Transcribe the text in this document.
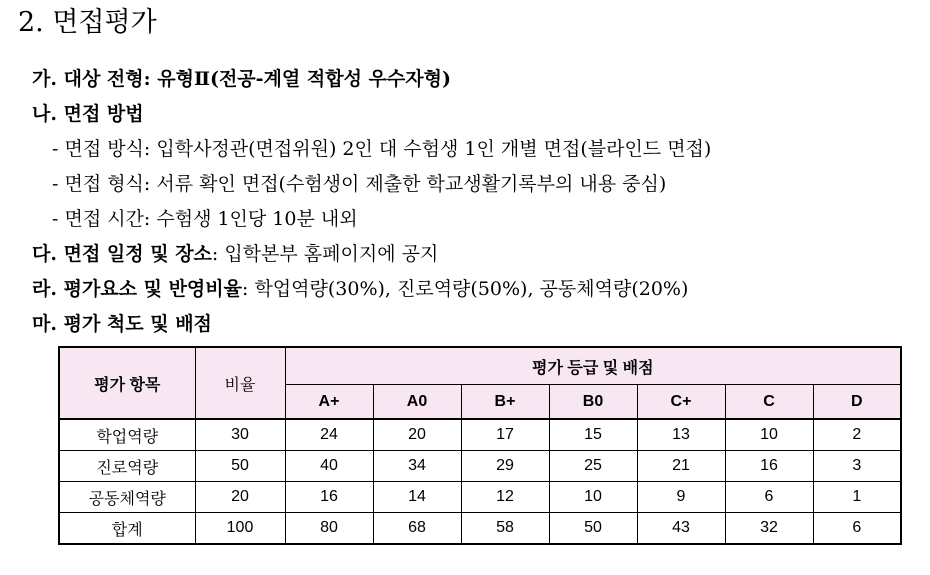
2. 면접평가
가. 대상 전형: 유형Ⅱ(전공-계열 적합성 우수자형)
나. 면접 방법
- 면접 방식: 입학사정관(면접위원) 2인 대 수험생 1인 개별 면접(블라인드 면접)
- 면접 형식: 서류 확인 면접(수험생이 제출한 학교생활기록부의 내용 중심)
- 면접 시간: 수험생 1인당 10분 내외
다. 면접 일정 및 장소: 입학본부 홈페이지에 공지
라. 평가요소 및 반영비율: 학업역량(30%), 진로역량(50%), 공동체역량(20%)
마. 평가 척도 및 배점
평가 항목	비율	평가 등급 및 배점						
		A+	A0	B+	B0	C+	C	D
학업역량	30	24	20	17	15	13	10	2
진로역량	50	40	34	29	25	21	16	3
공동체역량	20	16	14	12	10	9	6	1
합계	100	80	68	58	50	43	32	6
